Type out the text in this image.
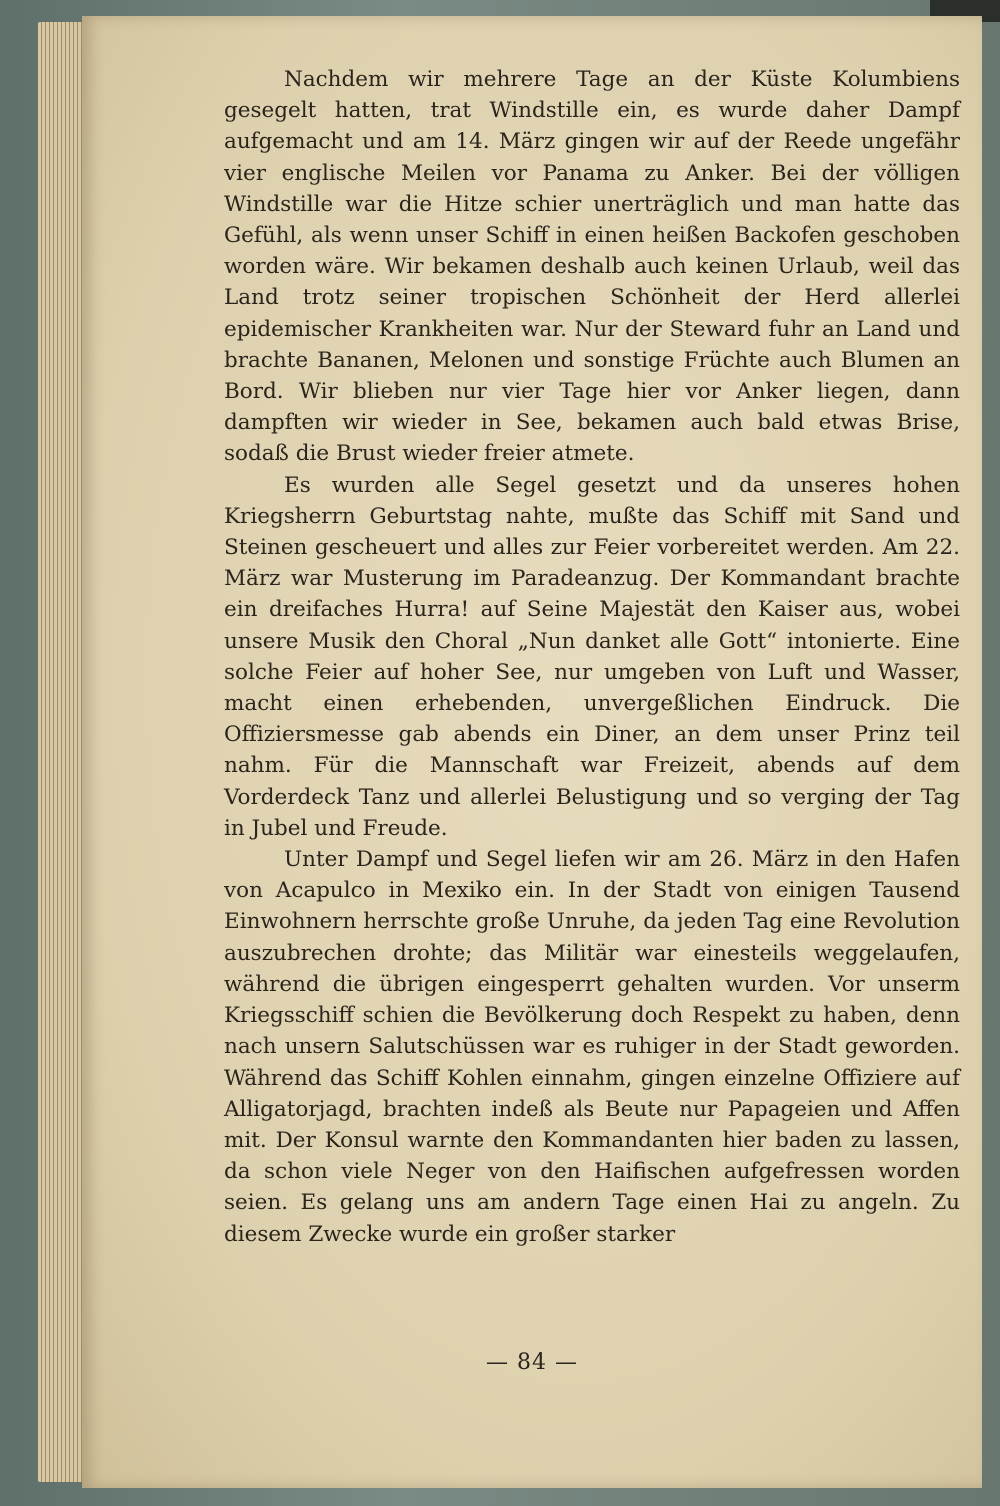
Nachdem wir mehrere Tage an der Küste Kolumbiens gesegelt hatten, trat Windstille ein, es wurde daher Dampf aufgemacht und am 14. März gingen wir auf der Reede ungefähr vier englische Meilen vor Panama zu Anker. Bei der völligen Windstille war die Hitze schier unerträglich und man hatte das Gefühl, als wenn unser Schiff in einen heißen Backofen geschoben worden wäre. Wir bekamen deshalb auch keinen Urlaub, weil das Land trotz seiner tropischen Schönheit der Herd allerlei epidemischer Krankheiten war. Nur der Steward fuhr an Land und brachte Bananen, Melonen und sonstige Früchte auch Blumen an Bord. Wir blieben nur vier Tage hier vor Anker liegen, dann dampften wir wieder in See, bekamen auch bald etwas Brise, sodaß die Brust wieder freier atmete.

Es wurden alle Segel gesetzt und da unseres hohen Kriegsherrn Geburtstag nahte, mußte das Schiff mit Sand und Steinen gescheuert und alles zur Feier vorbereitet werden. Am 22. März war Musterung im Paradeanzug. Der Kommandant brachte ein dreifaches Hurra! auf Seine Majestät den Kaiser aus, wobei unsere Musik den Choral „Nun danket alle Gott“ intonierte. Eine solche Feier auf hoher See, nur umgeben von Luft und Wasser, macht einen erhebenden, unvergeßlichen Eindruck. Die Offiziersmesse gab abends ein Diner, an dem unser Prinz teil nahm. Für die Mannschaft war Freizeit, abends auf dem Vorderdeck Tanz und allerlei Belustigung und so verging der Tag in Jubel und Freude.

Unter Dampf und Segel liefen wir am 26. März in den Hafen von Acapulco in Mexiko ein. In der Stadt von einigen Tausend Einwohnern herrschte große Unruhe, da jeden Tag eine Revolution auszubrechen drohte; das Militär war einesteils weggelaufen, während die übrigen eingesperrt gehalten wurden. Vor unserm Kriegsschiff schien die Bevölkerung doch Respekt zu haben, denn nach unsern Salutschüssen war es ruhiger in der Stadt geworden. Während das Schiff Kohlen einnahm, gingen einzelne Offiziere auf Alligatorjagd, brachten indeß als Beute nur Papageien und Affen mit. Der Konsul warnte den Kommandanten hier baden zu lassen, da schon viele Neger von den Haifischen aufgefressen worden seien. Es gelang uns am andern Tage einen Hai zu angeln. Zu diesem Zwecke wurde ein großer starker

— 84 —
